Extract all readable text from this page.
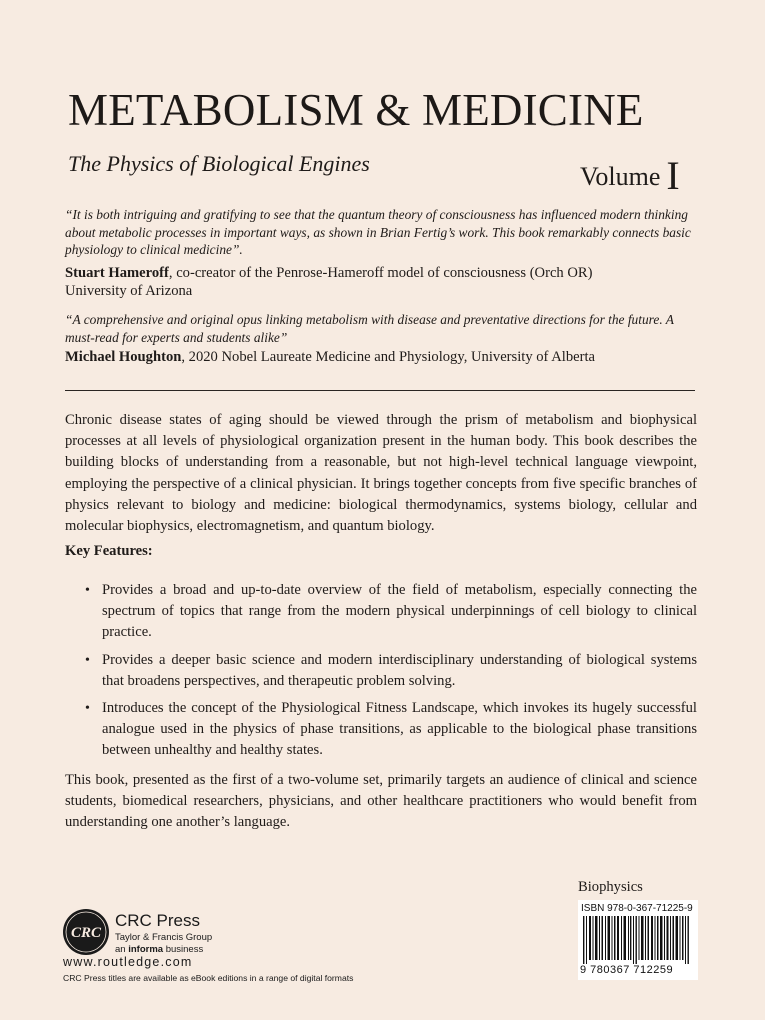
METABOLISM & MEDICINE
The Physics of Biological Engines	Volume I
“It is both intriguing and gratifying to see that the quantum theory of consciousness has influenced modern thinking about metabolic processes in important ways, as shown in Brian Fertig’s work. This book remarkably connects basic physiology to clinical medicine”.
Stuart Hameroff, co-creator of the Penrose-Hameroff model of consciousness (Orch OR)
University of Arizona
“A comprehensive and original opus linking metabolism with disease and preventative directions for the future. A must-read for experts and students alike”
Michael Houghton, 2020 Nobel Laureate Medicine and Physiology, University of Alberta
Chronic disease states of aging should be viewed through the prism of metabolism and biophysical processes at all levels of physiological organization present in the human body. This book describes the building blocks of understanding from a reasonable, but not high-level technical language viewpoint, employing the perspective of a clinical physician. It brings together concepts from five specific branches of physics relevant to biology and medicine: biological thermodynamics, systems biology, cellular and molecular biophysics, electromagnetism, and quantum biology.
Key Features:
• Provides a broad and up-to-date overview of the field of metabolism, especially connecting the spectrum of topics that range from the modern physical underpinnings of cell biology to clinical practice.
• Provides a deeper basic science and modern interdisciplinary understanding of biological systems that broadens perspectives, and therapeutic problem solving.
• Introduces the concept of the Physiological Fitness Landscape, which invokes its hugely successful analogue used in the physics of phase transitions, as applicable to the biological phase transitions between unhealthy and healthy states.
This book, presented as the first of a two-volume set, primarily targets an audience of clinical and science students, biomedical researchers, physicians, and other healthcare practitioners who would benefit from understanding one another’s language.
Biophysics
ISBN 978-0-367-71225-9
9 780367 712259
CRC
CRC Press
Taylor & Francis Group
an informa business
www.routledge.com
CRC Press titles are available as eBook editions in a range of digital formats
